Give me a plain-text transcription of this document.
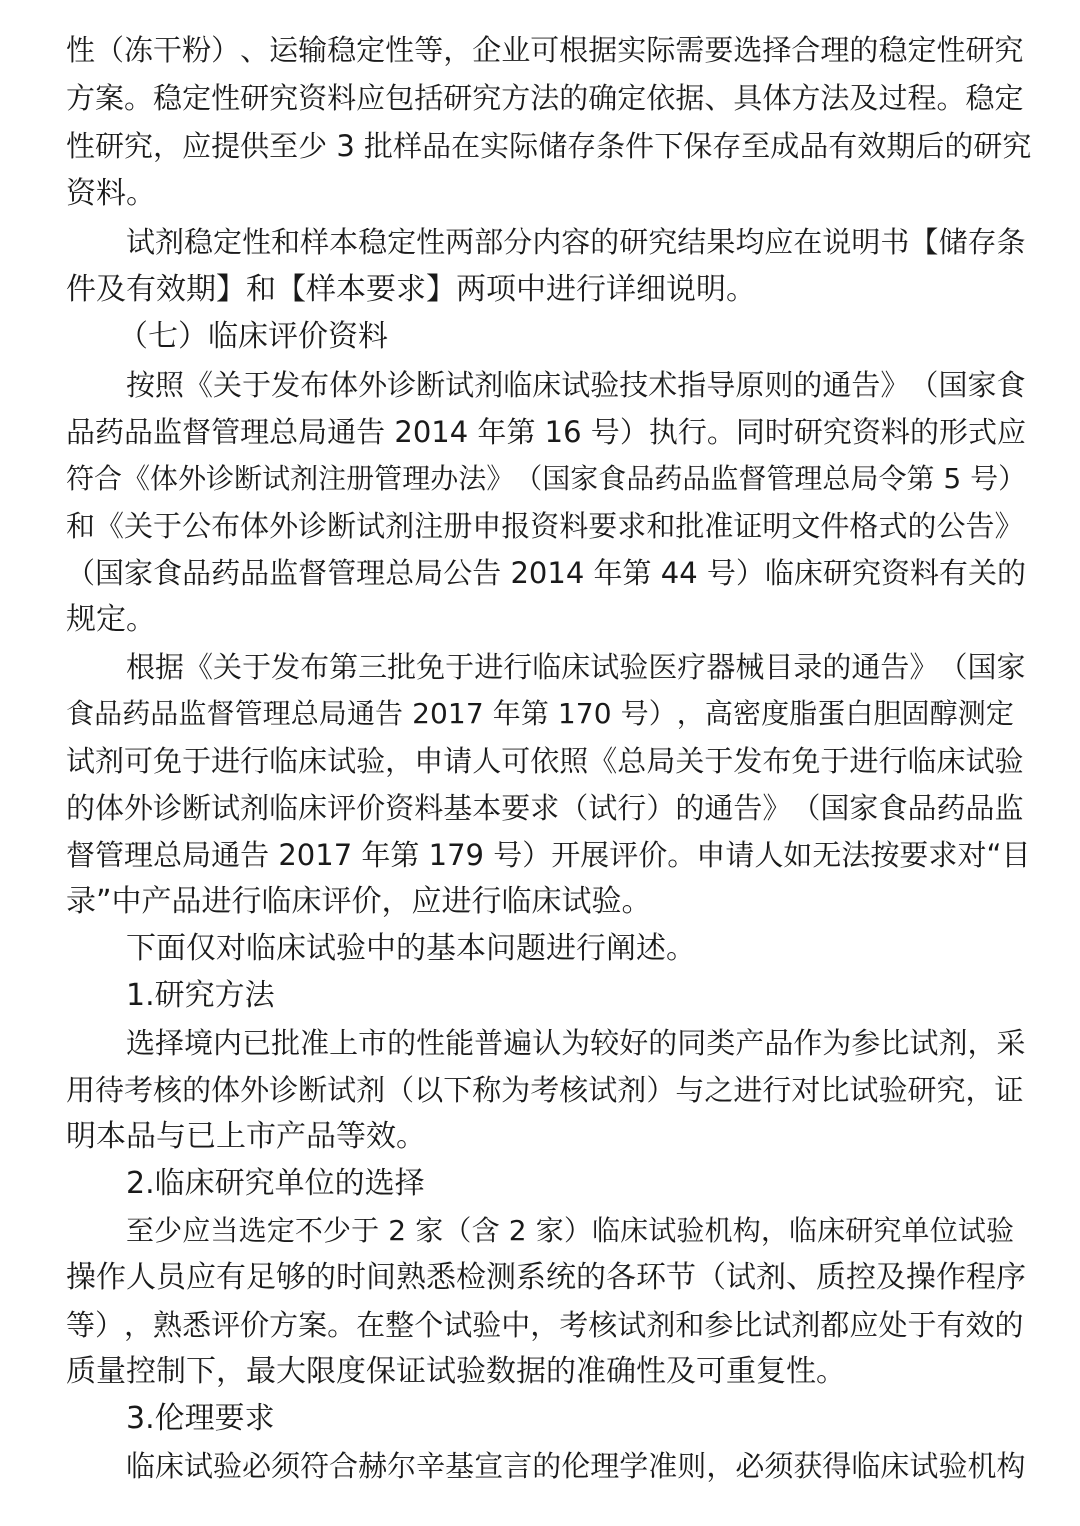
性 （ 冻 干 粉 ） 、 运 输 稳 定 性 等 ， 企 业 可 根 据 实 际 需 要 选 择 合 理 的 稳 定 性 研 究
方 案 。 稳 定 性 研 究 资 料 应 包 括 研 究 方 法 的 确 定 依 据 、 具 体 方 法 及 过 程 。 稳 定
性 研 究 ， 应 提 供 至 少
3
批 样 品 在 实 际 储 存 条 件 下 保 存 至 成 品 有 效 期 后 的 研 究
资料。
试 剂 稳 定 性 和 样 本 稳 定 性 两 部 分 内 容 的 研 究 结 果 均 应 在 说 明 书 【 储 存 条
件及有效期】和【样本要求】两项中进行详细说明。
（七）临床评价资料
按 照 《 关 于 发 布 体 外 诊 断 试 剂 临 床 试 验 技 术 指 导 原 则 的 通 告 》 （ 国 家 食
品 药 品 监 督 管 理 总 局 通 告
2 0 1 4
年 第
1 6
号 ） 执 行 。 同 时 研 究 资 料 的 形 式 应
符 合 《 体 外 诊 断 试 剂 注 册 管 理 办 法 》 （ 国 家 食 品 药 品 监 督 管 理 总 局 令 第
5
号 ）
和 《 关 于 公 布 体 外 诊 断 试 剂 注 册 申 报 资 料 要 求 和 批 准 证 明 文 件 格 式 的 公 告 》
（ 国 家 食 品 药 品 监 督 管 理 总 局 公 告
2 0 1 4
年 第
4 4
号 ） 临 床 研 究 资 料 有 关 的
规定。
根 据 《 关 于 发 布 第 三 批 免 于 进 行 临 床 试 验 医 疗 器 械 目 录 的 通 告 》 （ 国 家
食 品 药 品 监 督 管 理 总 局 通 告
2 0 1 7
年 第
1 7 0
号 ） ， 高 密 度 脂 蛋 白 胆 固 醇 测 定
试 剂 可 免 于 进 行 临 床 试 验 ， 申 请 人 可 依 照 《 总 局 关 于 发 布 免 于 进 行 临 床 试 验
的 体 外 诊 断 试 剂 临 床 评 价 资 料 基 本 要 求 （ 试 行 ） 的 通 告 》 （ 国 家 食 品 药 品 监
督 管 理 总 局 通 告
2 0 1 7
年 第
1 7 9
号 ） 开 展 评 价 。 申 请 人 如 无 法 按 要 求 对 “ 目
录”中产品进行临床评价，应进行临床试验。
下面仅对临床试验中的基本问题进行阐述。
1.研究方法
选 择 境 内 已 批 准 上 市 的 性 能 普 遍 认 为 较 好 的 同 类 产 品 作 为 参 比 试 剂 ， 采
用 待 考 核 的 体 外 诊 断 试 剂 （ 以 下 称 为 考 核 试 剂 ） 与 之 进 行 对 比 试 验 研 究 ， 证
明本品与已上市产品等效。
2.临床研究单位的选择
至 少 应 当 选 定 不 少 于
2
家 （ 含
2
家 ） 临 床 试 验 机 构 ， 临 床 研 究 单 位 试 验
操 作 人 员 应 有 足 够 的 时 间 熟 悉 检 测 系 统 的 各 环 节 （ 试 剂 、 质 控 及 操 作 程 序
等 ） ， 熟 悉 评 价 方 案 。 在 整 个 试 验 中 ， 考 核 试 剂 和 参 比 试 剂 都 应 处 于 有 效 的
质量控制下，最大限度保证试验数据的准确性及可重复性。
3.伦理要求
临 床 试 验 必 须 符 合 赫 尔 辛 基 宣 言 的 伦 理 学 准 则 ， 必 须 获 得 临 床 试 验 机 构
